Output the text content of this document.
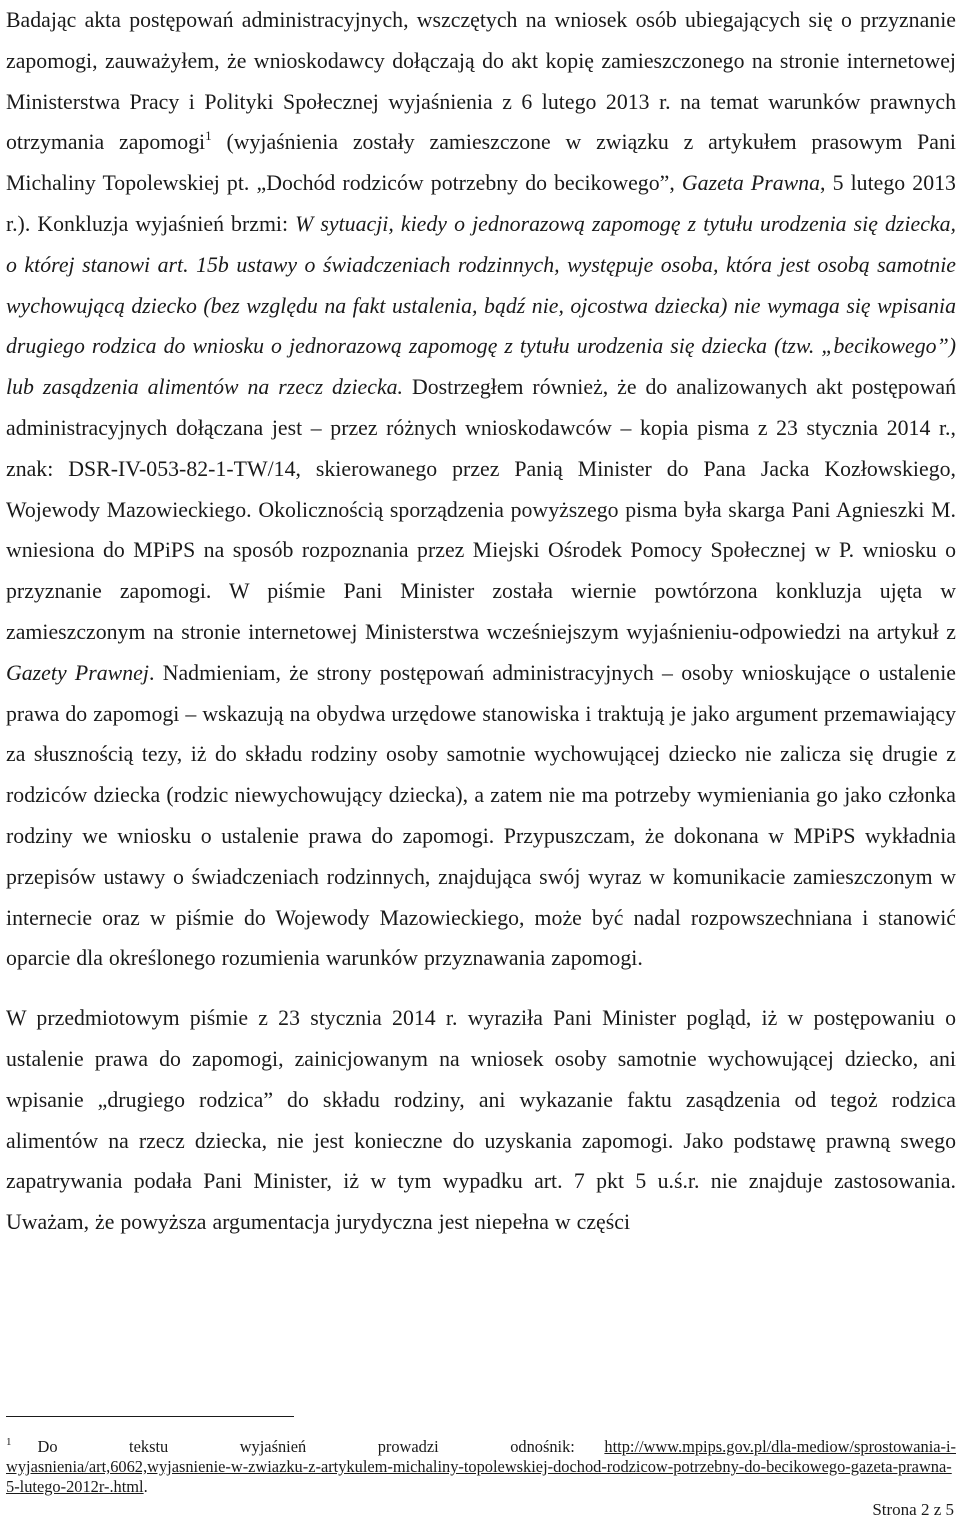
Badając akta postępowań administracyjnych, wszczętych na wniosek osób ubiegających się o przyznanie zapomogi, zauważyłem, że wnioskodawcy dołączają do akt kopię zamieszczonego na stronie internetowej Ministerstwa Pracy i Polityki Społecznej wyjaśnienia z 6 lutego 2013 r. na temat warunków prawnych otrzymania zapomogi$^1$ (wyjaśnienia zostały zamieszczone w związku z artykułem prasowym Pani Michaliny Topolewskiej pt. „Dochód rodziców potrzebny do becikowego”, Gazeta Prawna, 5 lutego 2013 r.). Konkluzja wyjaśnień brzmi: W sytuacji, kiedy o jednorazową zapomogę z tytułu urodzenia się dziecka, o której stanowi art. 15b ustawy o świadczeniach rodzinnych, występuje osoba, która jest osobą samotnie wychowującą dziecko (bez względu na fakt ustalenia, bądź nie, ojcostwa dziecka) nie wymaga się wpisania drugiego rodzica do wniosku o jednorazową zapomogę z tytułu urodzenia się dziecka (tzw. „becikowego”) lub zasądzenia alimentów na rzecz dziecka. Dostrzegłem również, że do analizowanych akt postępowań administracyjnych dołączana jest – przez różnych wnioskodawców – kopia pisma z 23 stycznia 2014 r., znak: DSR-IV-053-82-1-TW/14, skierowanego przez Panią Minister do Pana Jacka Kozłowskiego, Wojewody Mazowieckiego. Okolicznością sporządzenia powyższego pisma była skarga Pani Agnieszki M. wniesiona do MPiPS na sposób rozpoznania przez Miejski Ośrodek Pomocy Społecznej w P. wniosku o przyznanie zapomogi. W piśmie Pani Minister została wiernie powtórzona konkluzja ujęta w zamieszczonym na stronie internetowej Ministerstwa wcześniejszym wyjaśnieniu-odpowiedzi na artykuł z Gazety Prawnej. Nadmieniam, że strony postępowań administracyjnych – osoby wnioskujące o ustalenie prawa do zapomogi – wskazują na obydwa urzędowe stanowiska i traktują je jako argument przemawiający za słusznością tezy, iż do składu rodziny osoby samotnie wychowującej dziecko nie zalicza się drugie z rodziców dziecka (rodzic niewychowujący dziecka), a zatem nie ma potrzeby wymieniania go jako członka rodziny we wniosku o ustalenie prawa do zapomogi. Przypuszczam, że dokonana w MPiPS wykładnia przepisów ustawy o świadczeniach rodzinnych, znajdująca swój wyraz w komunikacie zamieszczonym w internecie oraz w piśmie do Wojewody Mazowieckiego, może być nadal rozpowszechniana i stanowić oparcie dla określonego rozumienia warunków przyznawania zapomogi.

W przedmiotowym piśmie z 23 stycznia 2014 r. wyraziła Pani Minister pogląd, iż w postępowaniu o ustalenie prawa do zapomogi, zainicjowanym na wniosek osoby samotnie wychowującej dziecko, ani wpisanie „drugiego rodzica” do składu rodziny, ani wykazanie faktu zasądzenia od tegoż rodzica alimentów na rzecz dziecka, nie jest konieczne do uzyskania zapomogi. Jako podstawę prawną swego zapatrywania podała Pani Minister, iż w tym wypadku art. 7 pkt 5 u.ś.r. nie znajduje zastosowania. Uważam, że powyższa argumentacja jurydyczna jest niepełna w części

$^1$ Do tekstu wyjaśnień prowadzi odnośnik: http://www.mpips.gov.pl/dla-mediow/sprostowania-i-wyjasnienia/art,6062,wyjasnienie-w-zwiazku-z-artykulem-michaliny-topolewskiej-dochod-rodzicow-potrzebny-do-becikowego-gazeta-prawna-5-lutego-2012r-.html.

Strona 2 z 5
